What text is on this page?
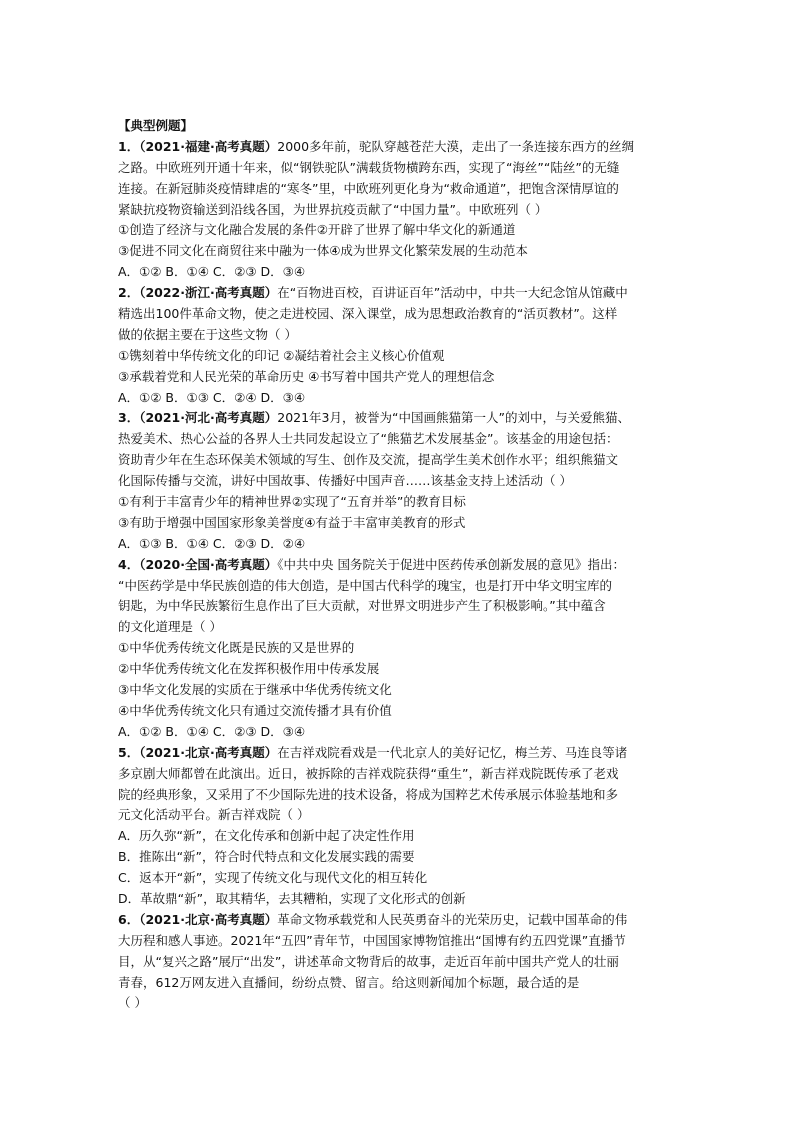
【典型例题】
1．（2021·福建·高考真题）2000多年前，驼队穿越苍茫大漠，走出了一条连接东西方的丝绸
之路。中欧班列开通十年来，似“钢铁驼队”满载货物横跨东西，实现了“海丝”“陆丝”的无缝
连接。在新冠肺炎疫情肆虐的“寒冬”里，中欧班列更化身为“救命通道”，把饱含深情厚谊的
紧缺抗疫物资输送到沿线各国，为世界抗疫贡献了“中国力量”。中欧班列（ ）
①创造了经济与文化融合发展的条件②开辟了世界了解中华文化的新通道
③促进不同文化在商贸往来中融为一体④成为世界文化繁荣发展的生动范本
A．①② B．①④ C．②③ D．③④
2．（2022·浙江·高考真题）在“百物进百校，百讲证百年”活动中，中共一大纪念馆从馆藏中
精选出100件革命文物，使之走进校园、深入课堂，成为思想政治教育的“活页教材”。这样
做的依据主要在于这些文物（ ）
①镌刻着中华传统文化的印记 ②凝结着社会主义核心价值观
③承载着党和人民光荣的革命历史 ④书写着中国共产党人的理想信念
A．①② B．①③ C．②④ D．③④
3．（2021·河北·高考真题）2021年3月，被誉为“中国画熊猫第一人”的刘中，与关爱熊猫、
热爱美术、热心公益的各界人士共同发起设立了“熊猫艺术发展基金”。该基金的用途包括：
资助青少年在生态环保美术领域的写生、创作及交流，提高学生美术创作水平；组织熊猫文
化国际传播与交流，讲好中国故事、传播好中国声音……该基金支持上述活动（ ）
①有利于丰富青少年的精神世界②实现了“五育并举”的教育目标
③有助于增强中国国家形象美誉度④有益于丰富审美教育的形式
A．①③ B．①④ C．②③ D．②④
4．（2020·全国·高考真题）《中共中央 国务院关于促进中医药传承创新发展的意见》指出：
“中医药学是中华民族创造的伟大创造，是中国古代科学的瑰宝，也是打开中华文明宝库的
钥匙，为中华民族繁衍生息作出了巨大贡献，对世界文明进步产生了积极影响。”其中蕴含
的文化道理是（ ）
①中华优秀传统文化既是民族的又是世界的
②中华优秀传统文化在发挥积极作用中传承发展
③中华文化发展的实质在于继承中华优秀传统文化
④中华优秀传统文化只有通过交流传播才具有价值
A．①② B．①④ C．②③ D．③④
5．（2021·北京·高考真题）在吉祥戏院看戏是一代北京人的美好记忆，梅兰芳、马连良等诸
多京剧大师都曾在此演出。近日，被拆除的吉祥戏院获得“重生”，新吉祥戏院既传承了老戏
院的经典形象，又采用了不少国际先进的技术设备，将成为国粹艺术传承展示体验基地和多
元文化活动平台。新吉祥戏院（ ）
A．历久弥“新”，在文化传承和创新中起了决定性作用
B．推陈出“新”，符合时代特点和文化发展实践的需要
C．返本开“新”，实现了传统文化与现代文化的相互转化
D．革故鼎“新”，取其精华，去其糟粕，实现了文化形式的创新
6．（2021·北京·高考真题）革命文物承载党和人民英勇奋斗的光荣历史，记载中国革命的伟
大历程和感人事迹。2021年“五四”青年节，中国国家博物馆推出“国博有约五四党课”直播节
目，从“复兴之路”展厅“出发”，讲述革命文物背后的故事，走近百年前中国共产党人的壮丽
青春，612万网友进入直播间，纷纷点赞、留言。给这则新闻加个标题，最合适的是
（ ）
